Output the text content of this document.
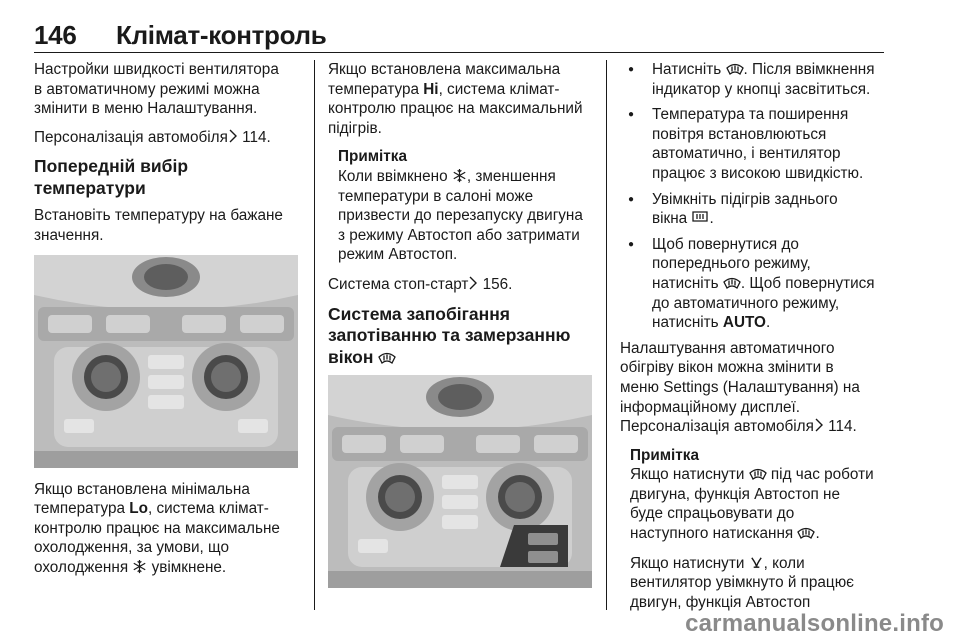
146 Клімат-контроль

Настройки швидкості вентилятора
в автоматичному режимі можна
змінити в меню Налаштування.

Персоналізація автомобіля 114.

Попередній вибір температури

Встановіть температуру на бажане
значення.

Якщо встановлена мінімальна
температура Lo, система клімат-
контролю працює на максимальне
охолодження, за умови, що
охолодження  увімкнене.

Якщо встановлена максимальна
температура Hi, система клімат-
контролю працює на максимальний
підігрів.

Примітка
Коли ввімкнено , зменшення
температури в салоні може
призвести до перезапуску двигуна
з режиму Автостоп або затримати
режим Автостоп.

Система стоп-старт 156.

Система запобігання
запотіванню та замерзанню
вікон
● Натисніть . Після ввімкнення
індикатор у кнопці засвітиться.
● Температура та поширення
повітря встановлюються
автоматично, і вентилятор
працює з високою швидкістю.
● Увімкніть підігрів заднього
вікна .
● Щоб повернутися до
попереднього режиму,
натисніть . Щоб повернутися
до автоматичного режиму,
натисніть AUTO.

Налаштування автоматичного
обігріву вікон можна змінити в
меню Settings (Налаштування) на
інформаційному дисплеї.

Персоналізація автомобіля 114.

Примітка
Якщо натиснути  під час роботи
двигуна, функція Автостоп не
буде спрацьовувати до
наступного натискання .
Якщо натиснути , коли
вентилятор увімкнуто й працює
двигун, функція Автостоп
carmanualsonline.info
